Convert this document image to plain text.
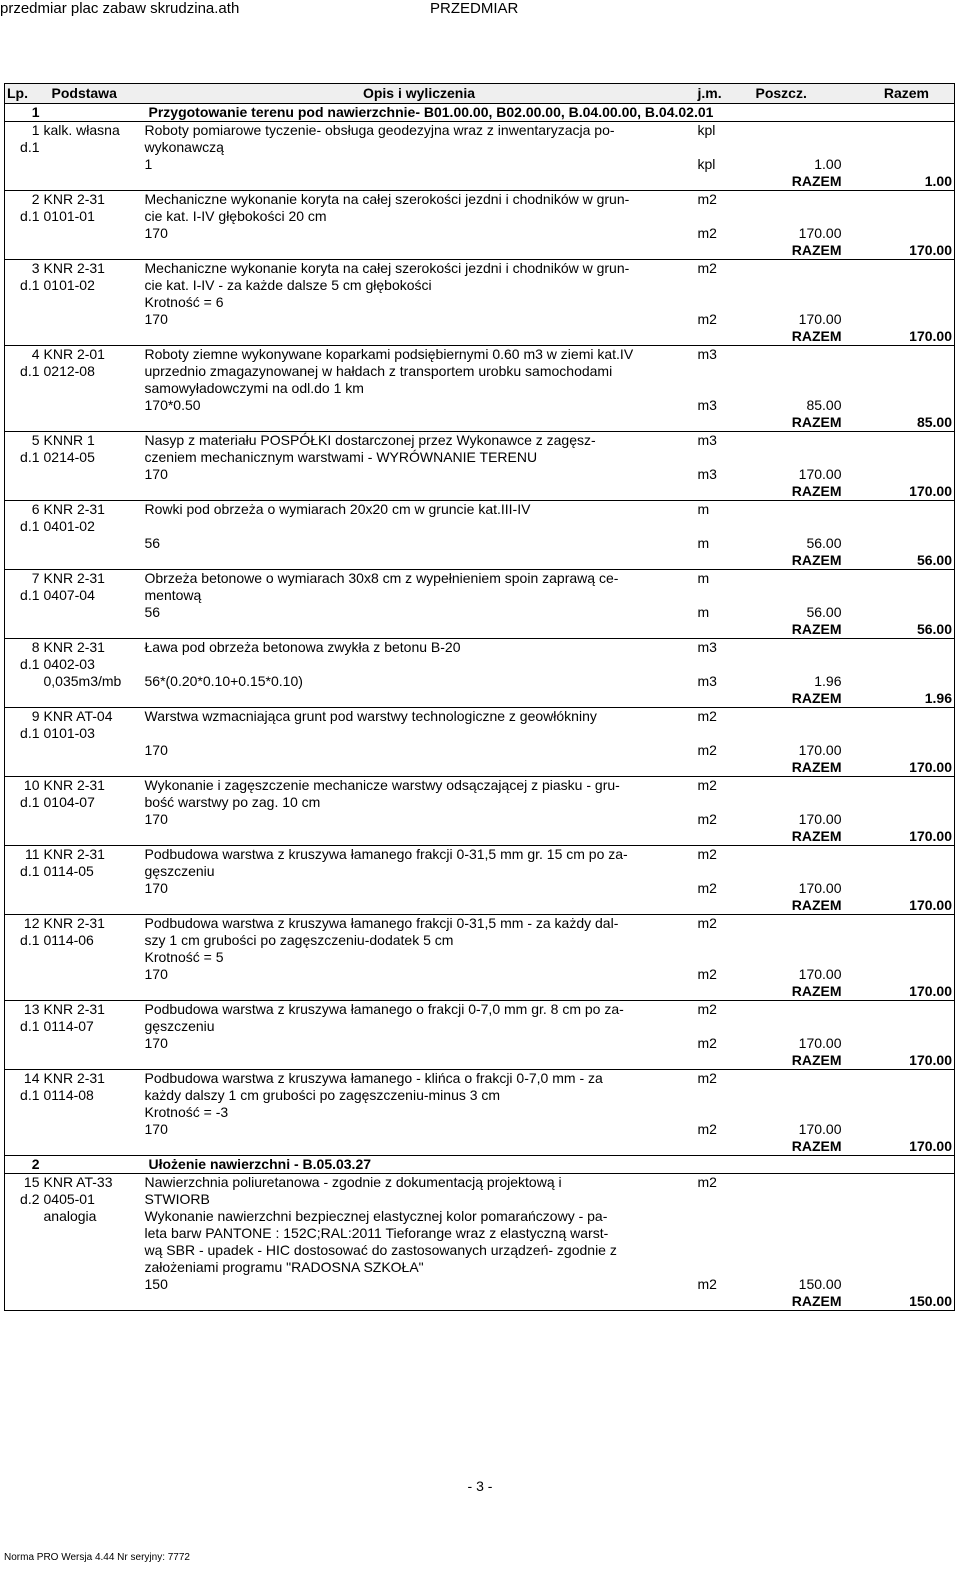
przedmiar plac zabaw skrudzina.ath	PRZEDMIAR
Lp.	Podstawa	Opis i wyliczenia	j.m.	Poszcz.	Razem
1	Przygotowanie terenu pod nawierzchnie- B01.00.00, B02.00.00, B.04.00.00, B.04.02.01				
1	kalk. własna	Roboty pomiarowe tyczenie- obsługa geodezyjna wraz z inwentaryzacja po-	kpl		
d.1		wykonawczą			
		1	kpl	1.00	
				RAZEM	1.00
2	KNR 2-31	Mechaniczne wykonanie koryta na całej szerokości jezdni i chodników w grun-	m2		
d.1	0101-01	cie kat. I-IV głębokości 20 cm			
		170	m2	170.00	
				RAZEM	170.00
3	KNR 2-31	Mechaniczne wykonanie koryta na całej szerokości jezdni i chodników w grun-	m2		
d.1	0101-02	cie kat. I-IV - za każde dalsze 5 cm głębokości			
		Krotność = 6			
		170	m2	170.00	
				RAZEM	170.00
4	KNR 2-01	Roboty ziemne wykonywane koparkami podsiębiernymi 0.60 m3 w ziemi kat.IV	m3		
d.1	0212-08	uprzednio zmagazynowanej w hałdach z transportem urobku samochodami			
		samowyładowczymi na odl.do 1 km			
		170*0.50	m3	85.00	
				RAZEM	85.00
5	KNNR 1	Nasyp z materiału POSPÓŁKI dostarczonej przez Wykonawce z zagęsz-	m3		
d.1	0214-05	czeniem mechanicznym warstwami - WYRÓWNANIE TERENU			
		170	m3	170.00	
				RAZEM	170.00
6	KNR 2-31	Rowki pod obrzeża o wymiarach 20x20 cm w gruncie kat.III-IV	m		
d.1	0401-02				
		56	m	56.00	
				RAZEM	56.00
7	KNR 2-31	Obrzeża betonowe o wymiarach 30x8 cm z wypełnieniem spoin zaprawą ce-	m		
d.1	0407-04	mentową			
		56	m	56.00	
				RAZEM	56.00
8	KNR 2-31	Ława pod obrzeża betonowa zwykła z betonu B-20	m3		
d.1	0402-03				
	0,035m3/mb	56*(0.20*0.10+0.15*0.10)	m3	1.96	
				RAZEM	1.96
9	KNR AT-04	Warstwa wzmacniająca grunt pod warstwy technologiczne z geowłókniny	m2		
d.1	0101-03				
		170	m2	170.00	
				RAZEM	170.00
10	KNR 2-31	Wykonanie i zagęszczenie mechanicze warstwy odsączającej z piasku - gru-	m2		
d.1	0104-07	bość warstwy po zag. 10 cm			
		170	m2	170.00	
				RAZEM	170.00
11	KNR 2-31	Podbudowa warstwa z kruszywa łamanego frakcji 0-31,5 mm gr. 15 cm po za-	m2		
d.1	0114-05	gęszczeniu			
		170	m2	170.00	
				RAZEM	170.00
12	KNR 2-31	Podbudowa warstwa z kruszywa łamanego frakcji 0-31,5 mm - za każdy dal-	m2		
d.1	0114-06	szy 1 cm grubości po zagęszczeniu-dodatek 5 cm			
		Krotność = 5			
		170	m2	170.00	
				RAZEM	170.00
13	KNR 2-31	Podbudowa warstwa z kruszywa łamanego o frakcji 0-7,0 mm gr. 8 cm po za-	m2		
d.1	0114-07	gęszczeniu			
		170	m2	170.00	
				RAZEM	170.00
14	KNR 2-31	Podbudowa warstwa z kruszywa łamanego - klińca o frakcji 0-7,0 mm - za	m2		
d.1	0114-08	każdy dalszy 1 cm grubości po zagęszczeniu-minus 3 cm			
		Krotność = -3			
		170	m2	170.00	
				RAZEM	170.00
2	Ułożenie nawierzchni - B.05.03.27				
15	KNR AT-33	Nawierzchnia poliuretanowa - zgodnie z dokumentacją projektową i	m2		
d.2	0405-01	STWIORB			
	analogia	Wykonanie nawierzchni bezpiecznej elastycznej kolor pomarańczowy - pa-			
		leta barw PANTONE : 152C;RAL:2011 Tieforange wraz z elastyczną warst-			
		wą SBR - upadek - HIC dostosować do zastosowanych urządzeń- zgodnie z			
		założeniami programu "RADOSNA SZKOŁA"			
		150	m2	150.00	
				RAZEM	150.00
- 3 -
Norma PRO Wersja 4.44 Nr seryjny: 7772
